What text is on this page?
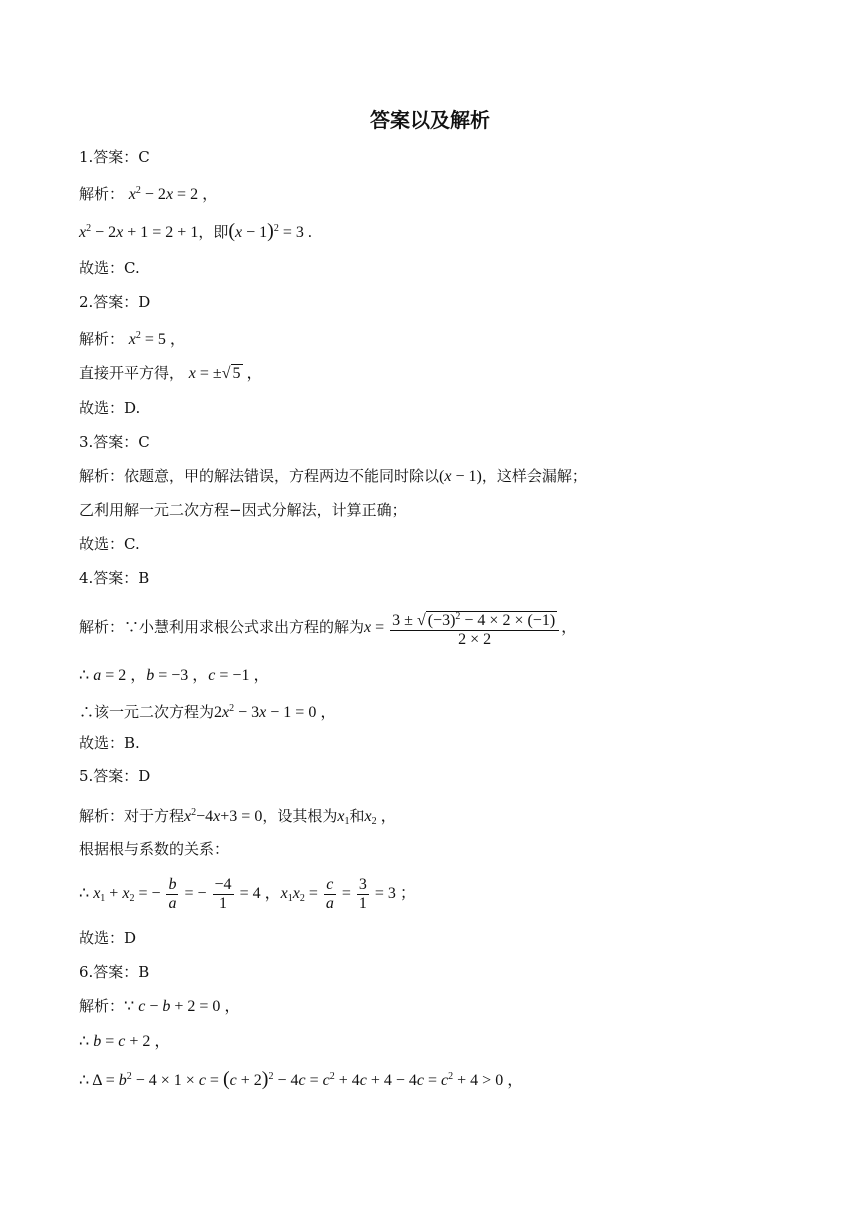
答案以及解析
1.答案：C
解析： $x^2 - 2x = 2$ ，
$x^2 - 2x + 1 = 2 + 1$，即$(x - 1)^2 = 3$ .
故选：C.
2.答案：D
解析： $x^2 = 5$ ，
直接开平方得， x = ±√ 5 ，
故选：D.
3.答案：C
解析：依题意，甲的解法错误，方程两边不能同时除以(x − 1)，这样会漏解；
乙利用解一元二次方程−因式分解法，计算正确；
故选：C.
4.答案：B
解析：∵小慧利用求根公式求出方程的解为$x = \frac{3 \pm √ (-3)^2 - 4 \times 2 \times (-1)}{2 \times 2}$ ，
∴ a = 2 ，b = −3 ，c = −1 ，
∴该一元二次方程为$2x^2 - 3x - 1 = 0$ ，
故选：B.
5.答案：D
解析：对于方程$x^2-4x+3 = 0$，设其根为$x_1$和$x_2$ ，
根据根与系数的关系：
∴ $x_1 + x_2$ = − $\frac{b}{a}$ = − $\frac{-4}{1} = 4$ ，$x_1x_2 = \frac{c}{a} = \frac{3}{1} = 3$ ；
故选：D
6.答案：B
解析：∵ c − b + 2 = 0 ，
∴ b = c + 2 ，
∴ $\Delta = b^2 - 4 \times 1 \times c = (c + 2)^2 - 4c = c^2 + 4c + 4 - 4c = c^2 + 4 > 0$ ，
